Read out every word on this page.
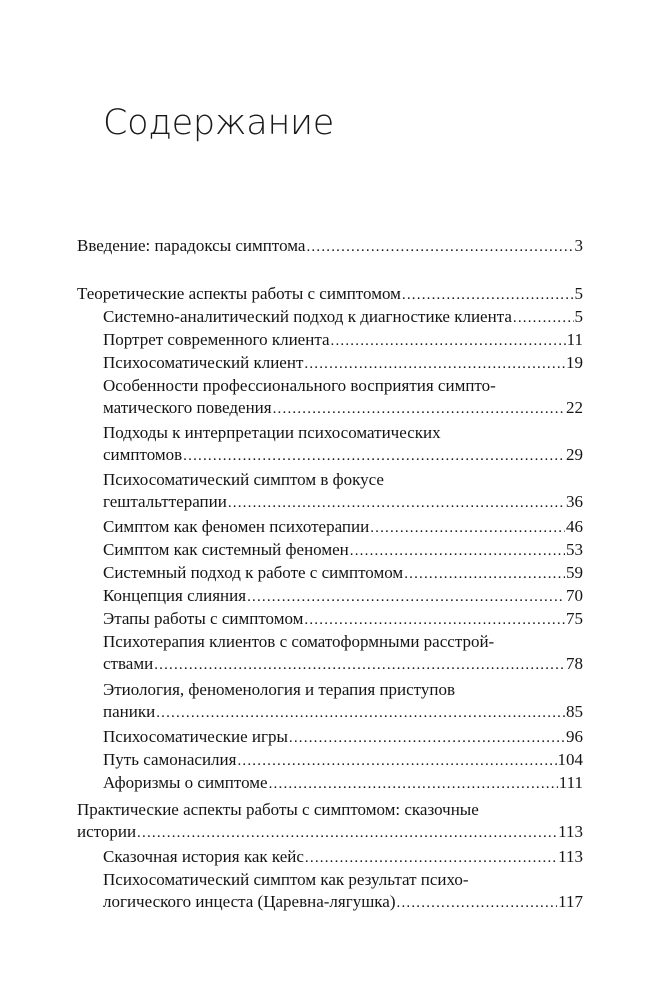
Содержание
Введение: парадоксы симптома .....	3
Теоретические аспекты работы с симптомом .....	5
Системно-аналитический подход к диагностике клиента .....	5
Портрет современного клиента .....	11
Психосоматический клиент .....	19
Особенности профессионального восприятия симпто-
матического поведения .....	22
Подходы к интерпретации психосоматических
симптомов .....	29
Психосоматический симптом в фокусе
гештальттерапии .....	36
Симптом как феномен психотерапии .....	46
Симптом как системный феномен .....	53
Системный подход к работе с симптомом .....	59
Концепция слияния .....	70
Этапы работы с симптомом .....	75
Психотерапия клиентов с соматоформными расстрой-
ствами .....	78
Этиология, феноменология и терапия приступов
паники .....	85
Психосоматические игры .....	96
Путь самонасилия .....	104
Афоризмы о симптоме .....	111
Практические аспекты работы с симптомом: сказочные
истории .....	113
Сказочная история как кейс .....	113
Психосоматический симптом как результат психо-
логического инцеста (Царевна-лягушка) .....	117
